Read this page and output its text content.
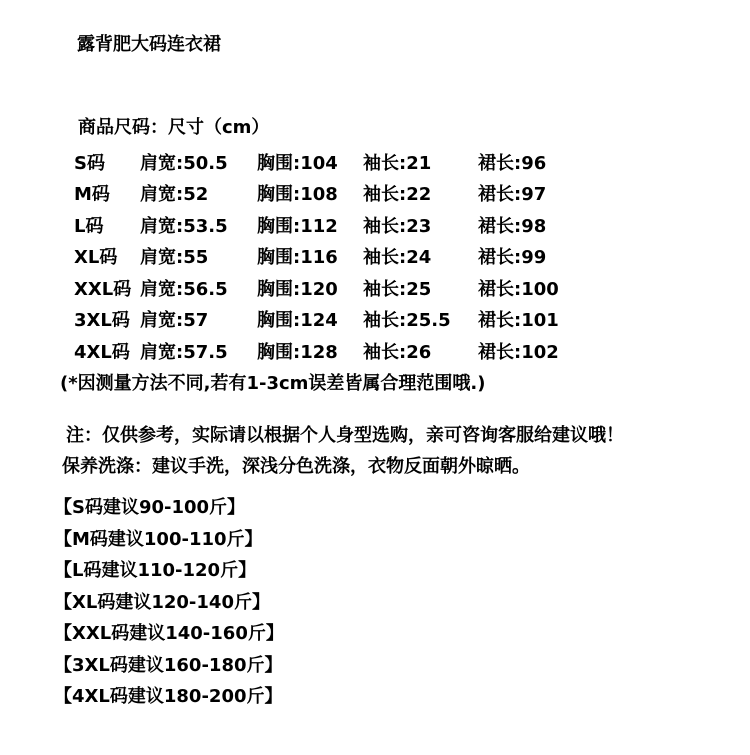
露背肥大码连衣裙
商品尺码：尺寸（cm）
S码	肩宽:50.5	胸围:104	袖长:21	裙长:96
M码	肩宽:52	胸围:108	袖长:22	裙长:97
L码	肩宽:53.5	胸围:112	袖长:23	裙长:98
XL码	肩宽:55	胸围:116	袖长:24	裙长:99
XXL码 肩宽:56.5	胸围:120	袖长:25	裙长:100
3XL码 肩宽:57	胸围:124	袖长:25.5	裙长:101
4XL码 肩宽:57.5	胸围:128	袖长:26	裙长:102
(*因测量方法不同,若有1-3cm误差皆属合理范围哦.)
注：仅供参考，实际请以根据个人身型选购，亲可咨询客服给建议哦！
保养洗涤：建议手洗，深浅分色洗涤，衣物反面朝外晾晒。
【S码建议90-100斤】
【M码建议100-110斤】
【L码建议110-120斤】
【XL码建议120-140斤】
【XXL码建议140-160斤】
【3XL码建议160-180斤】
【4XL码建议180-200斤】
